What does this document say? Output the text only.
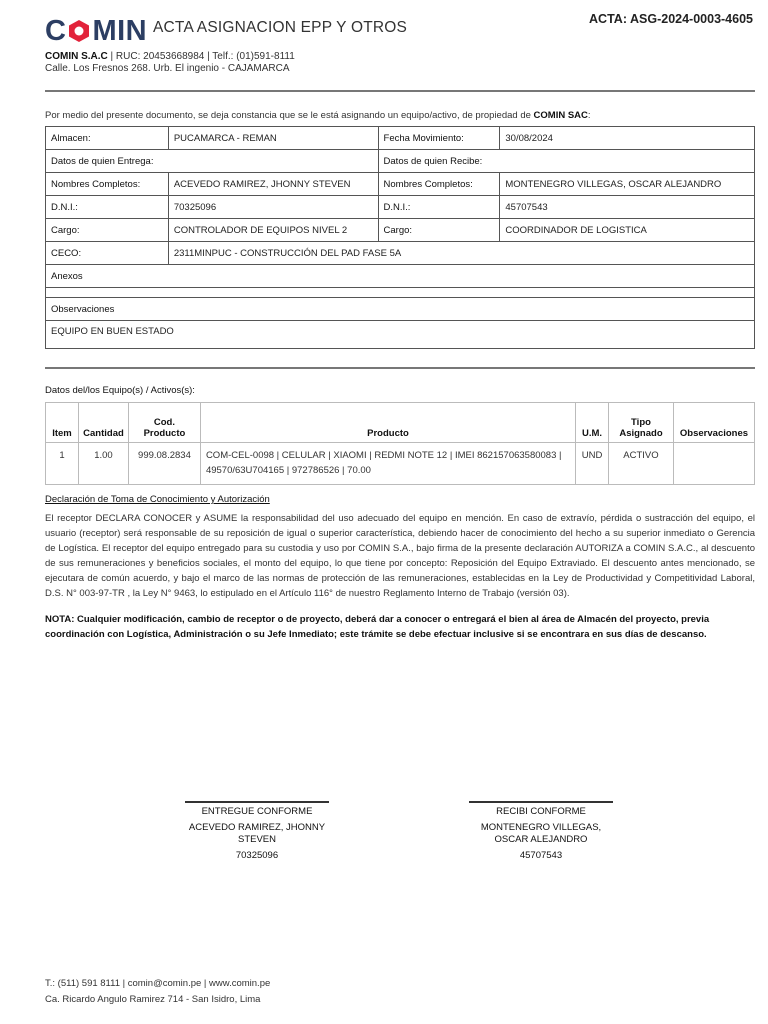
C MIN ACTA ASIGNACION EPP Y OTROS	ACTA: ASG-2024-0003-4605
COMIN S.A.C | RUC: 20453668984 | Telf.: (01)591-8111
Calle. Los Fresnos 268. Urb. El ingenio - CAJAMARCA
Por medio del presente documento, se deja constancia que se le está asignando un equipo/activo, de propiedad de COMIN SAC:
Almacen:	PUCAMARCA - REMAN	Fecha Movimiento:	30/08/2024
Datos de quien Entrega:		Datos de quien Recibe:	
Nombres Completos:	ACEVEDO RAMIREZ, JHONNY STEVEN	Nombres Completos:	MONTENEGRO VILLEGAS, OSCAR ALEJANDRO
D.N.I.:	70325096	D.N.I.:	45707543
Cargo:	CONTROLADOR DE EQUIPOS NIVEL 2	Cargo:	COORDINADOR DE LOGISTICA
CECO:	2311MINPUC - CONSTRUCCIÓN DEL PAD FASE 5A		
Anexos			

Observaciones			
EQUIPO EN BUEN ESTADO			
Datos del/los Equipo(s) / Activos(s):
Item	Cantidad	Cod. Producto	Producto	U.M.	Tipo Asignado	Observaciones
1	1.00	999.08.2834	COM-CEL-0098 | CELULAR | XIAOMI | REDMI NOTE 12 | IMEI 862157063580083 | 49570/63U704165 | 972786526 | 70.00	UND	ACTIVO	
Declaración de Toma de Conocimiento y Autorización
El receptor DECLARA CONOCER y ASUME la responsabilidad del uso adecuado del equipo en mención. En caso de extravío, pérdida o sustracción del equipo, el usuario (receptor) será responsable de su reposición de igual o superior característica, debiendo hacer de conocimiento del hecho a su superior inmediato o Gerencia de Logística. El receptor del equipo entregado para su custodia y uso por COMIN S.A., bajo firma de la presente declaración AUTORIZA a COMIN S.A.C., al descuento de sus remuneraciones y beneficios sociales, el monto del equipo, lo que tiene por concepto: Reposición del Equipo Extraviado. El descuento antes mencionado, se ejecutara de común acuerdo, y bajo el marco de las normas de protección de las remuneraciones, establecidas en la Ley de Productividad y Competitividad Laboral, D.S. N° 003-97-TR , la Ley N° 9463, lo estipulado en el Artículo 116° de nuestro Reglamento Interno de Trabajo (versión 03).
NOTA: Cualquier modificación, cambio de receptor o de proyecto, deberá dar a conocer o entregará el bien al área de Almacén del proyecto, previa coordinación con Logística, Administración o su Jefe Inmediato; este trámite se debe efectuar inclusive si se encontrara en sus días de descanso.
ENTREGUE CONFORME
ACEVEDO RAMIREZ, JHONNY STEVEN
70325096
RECIBI CONFORME
MONTENEGRO VILLEGAS, OSCAR ALEJANDRO
45707543
T.: (511) 591 8111 | comin@comin.pe | www.comin.pe
Ca. Ricardo Angulo Ramirez 714 - San Isidro, Lima
